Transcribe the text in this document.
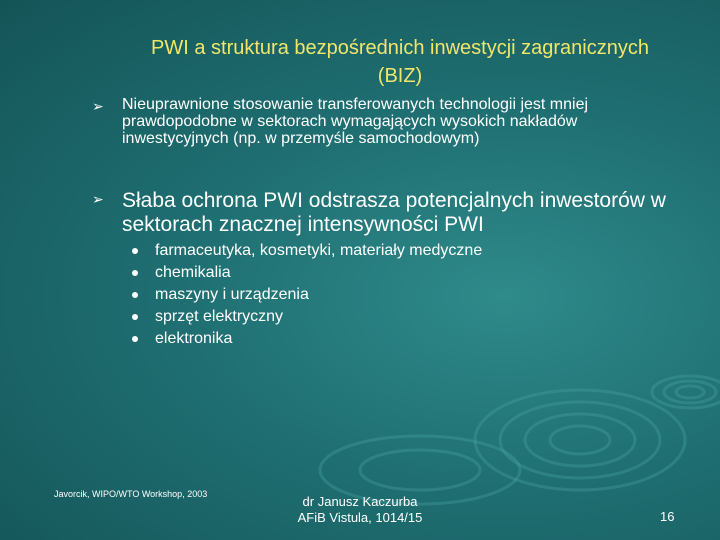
PWI a struktura bezpośrednich inwestycji zagranicznych (BIZ)
➢	Nieuprawnione stosowanie transferowanych technologii jest mniej prawdopodobne w sektorach wymagających wysokich nakładów inwestycyjnych (np. w przemyśle samochodowym)
➢ Słaba ochrona PWI odstrasza potencjalnych inwestorów w sektorach znacznej intensywności PWI
farmaceutyka, kosmetyki, materiały medyczne
chemikalia
maszyny i urządzenia
sprzęt elektryczny
elektronika
Javorcik, WIPO/WTO Workshop, 2003	dr Janusz Kaczurba
AFiB Vistula, 1014/15	16
